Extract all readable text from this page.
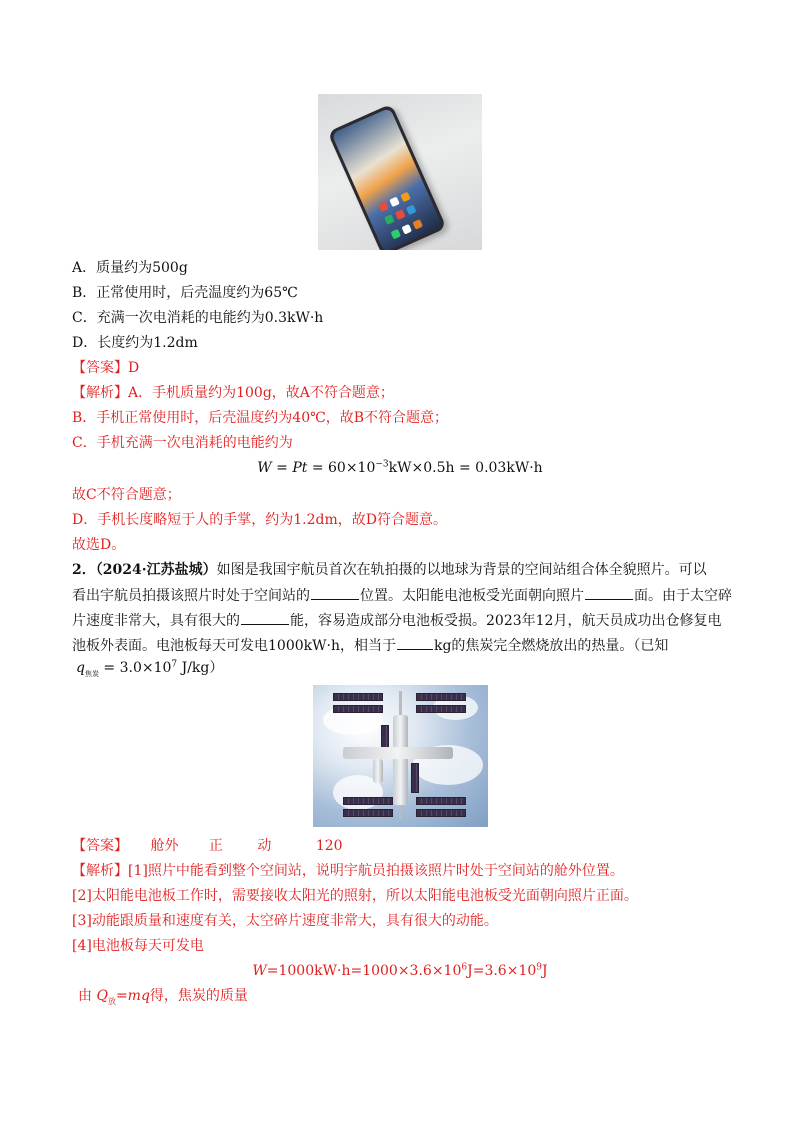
A．质量约为500g
B．正常使用时，后壳温度约为65℃
C．充满一次电消耗的电能约为0.3kW·h
D．长度约为1.2dm
【答案】D
【解析】A．手机质量约为100g，故A不符合题意；
B．手机正常使用时，后壳温度约为40℃，故B不符合题意；
C．手机充满一次电消耗的电能约为
$W = Pt = 60\times 10^{-3}kW\times 0.5h = 0.03kW\cdot h$
故C不符合题意；
D．手机长度略短于人的手掌，约为1.2dm，故D符合题意。
故选D。
2．（2024·江苏盐城）如图是我国宇航员首次在轨拍摄的以地球为背景的空间站组合体全貌照片。可以
看出宇航员拍摄该照片时处于空间站的	位置。太阳能电池板受光面朝向照片	面。由于太空碎
片速度非常大，具有很大的	能，容易造成部分电池板受损。2023年12月，航天员成功出仓修复电
池板外表面。电池板每天可发电1000kW·h，相当于	kg的焦炭完全燃烧放出的热量。（已知
$q_{焦炭} = 3.0\times 10^7$ J/kg）
【答案】 舱外 正 动	120
【解析】[1]照片中能看到整个空间站，说明宇航员拍摄该照片时处于空间站的舱外位置。
[2]太阳能电池板工作时，需要接收太阳光的照射，所以太阳能电池板受光面朝向照片正面。
[3]动能跟质量和速度有关，太空碎片速度非常大，具有很大的动能。
[4]电池板每天可发电
$W=1000kW\cdot h=1000\times 3.6\times 10^6J=3.6\times 10^9J$
由 $Q_放=mq$得，焦炭的质量
